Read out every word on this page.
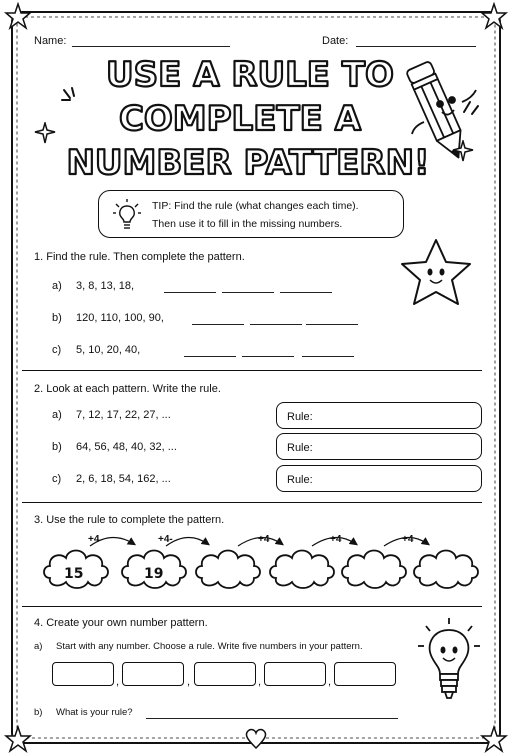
Name:	Date:
USE A RULE TO
COMPLETE A
NUMBER PATTERN!
TIP: Find the rule (what changes each time).
Then use it to fill in the missing numbers.
1. Find the rule. Then complete the pattern.
a) 3, 8, 13, 18,
b) 120, 110, 100, 90,
c) 5, 10, 20, 40,
2. Look at each pattern. Write the rule.
a) 7, 12, 17, 22, 27, ...	Rule:
b) 64, 56, 48, 40, 32, ...	Rule:
c) 2, 6, 18, 54, 162, ...	Rule:
3. Use the rule to complete the pattern.
15	19
+4	+4-	+4	+4	+4
4. Create your own number pattern.
a) Start with any number. Choose a rule. Write five numbers in your pattern.
,	,	,	,
b) What is your rule?
